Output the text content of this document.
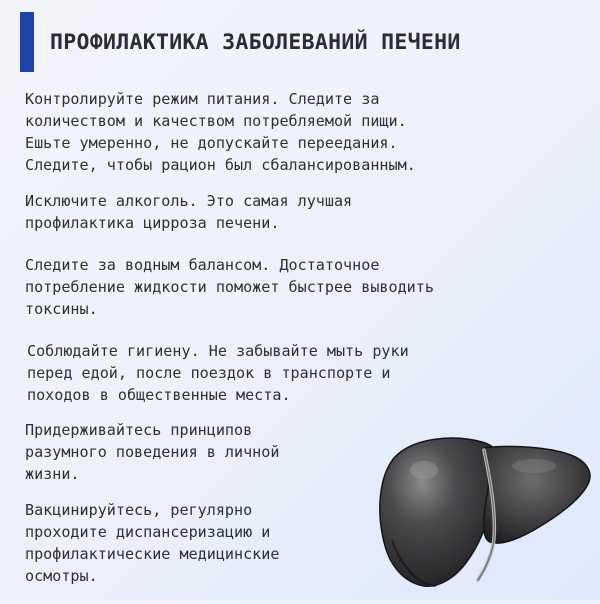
ПРОФИЛАКТИКА ЗАБОЛЕВАНИЙ ПЕЧЕНИ
Контролируйте режим питания. Следите за
количеством и качеством потребляемой пищи.
Ешьте умеренно, не допускайте переедания.
Следите, чтобы рацион был сбалансированным.
Исключите алкоголь. Это самая лучшая
профилактика цирроза печени.
Следите за водным балансом. Достаточное
потребление жидкости поможет быстрее выводить
токсины.
Соблюдайте гигиену. Не забывайте мыть руки
перед едой, после поездок в транспорте и
походов в общественные места.
Придерживайтесь принципов
разумного поведения в личной
жизни.
Вакцинируйтесь, регулярно
проходите диспансеризацию и
профилактические медицинские
осмотры.
